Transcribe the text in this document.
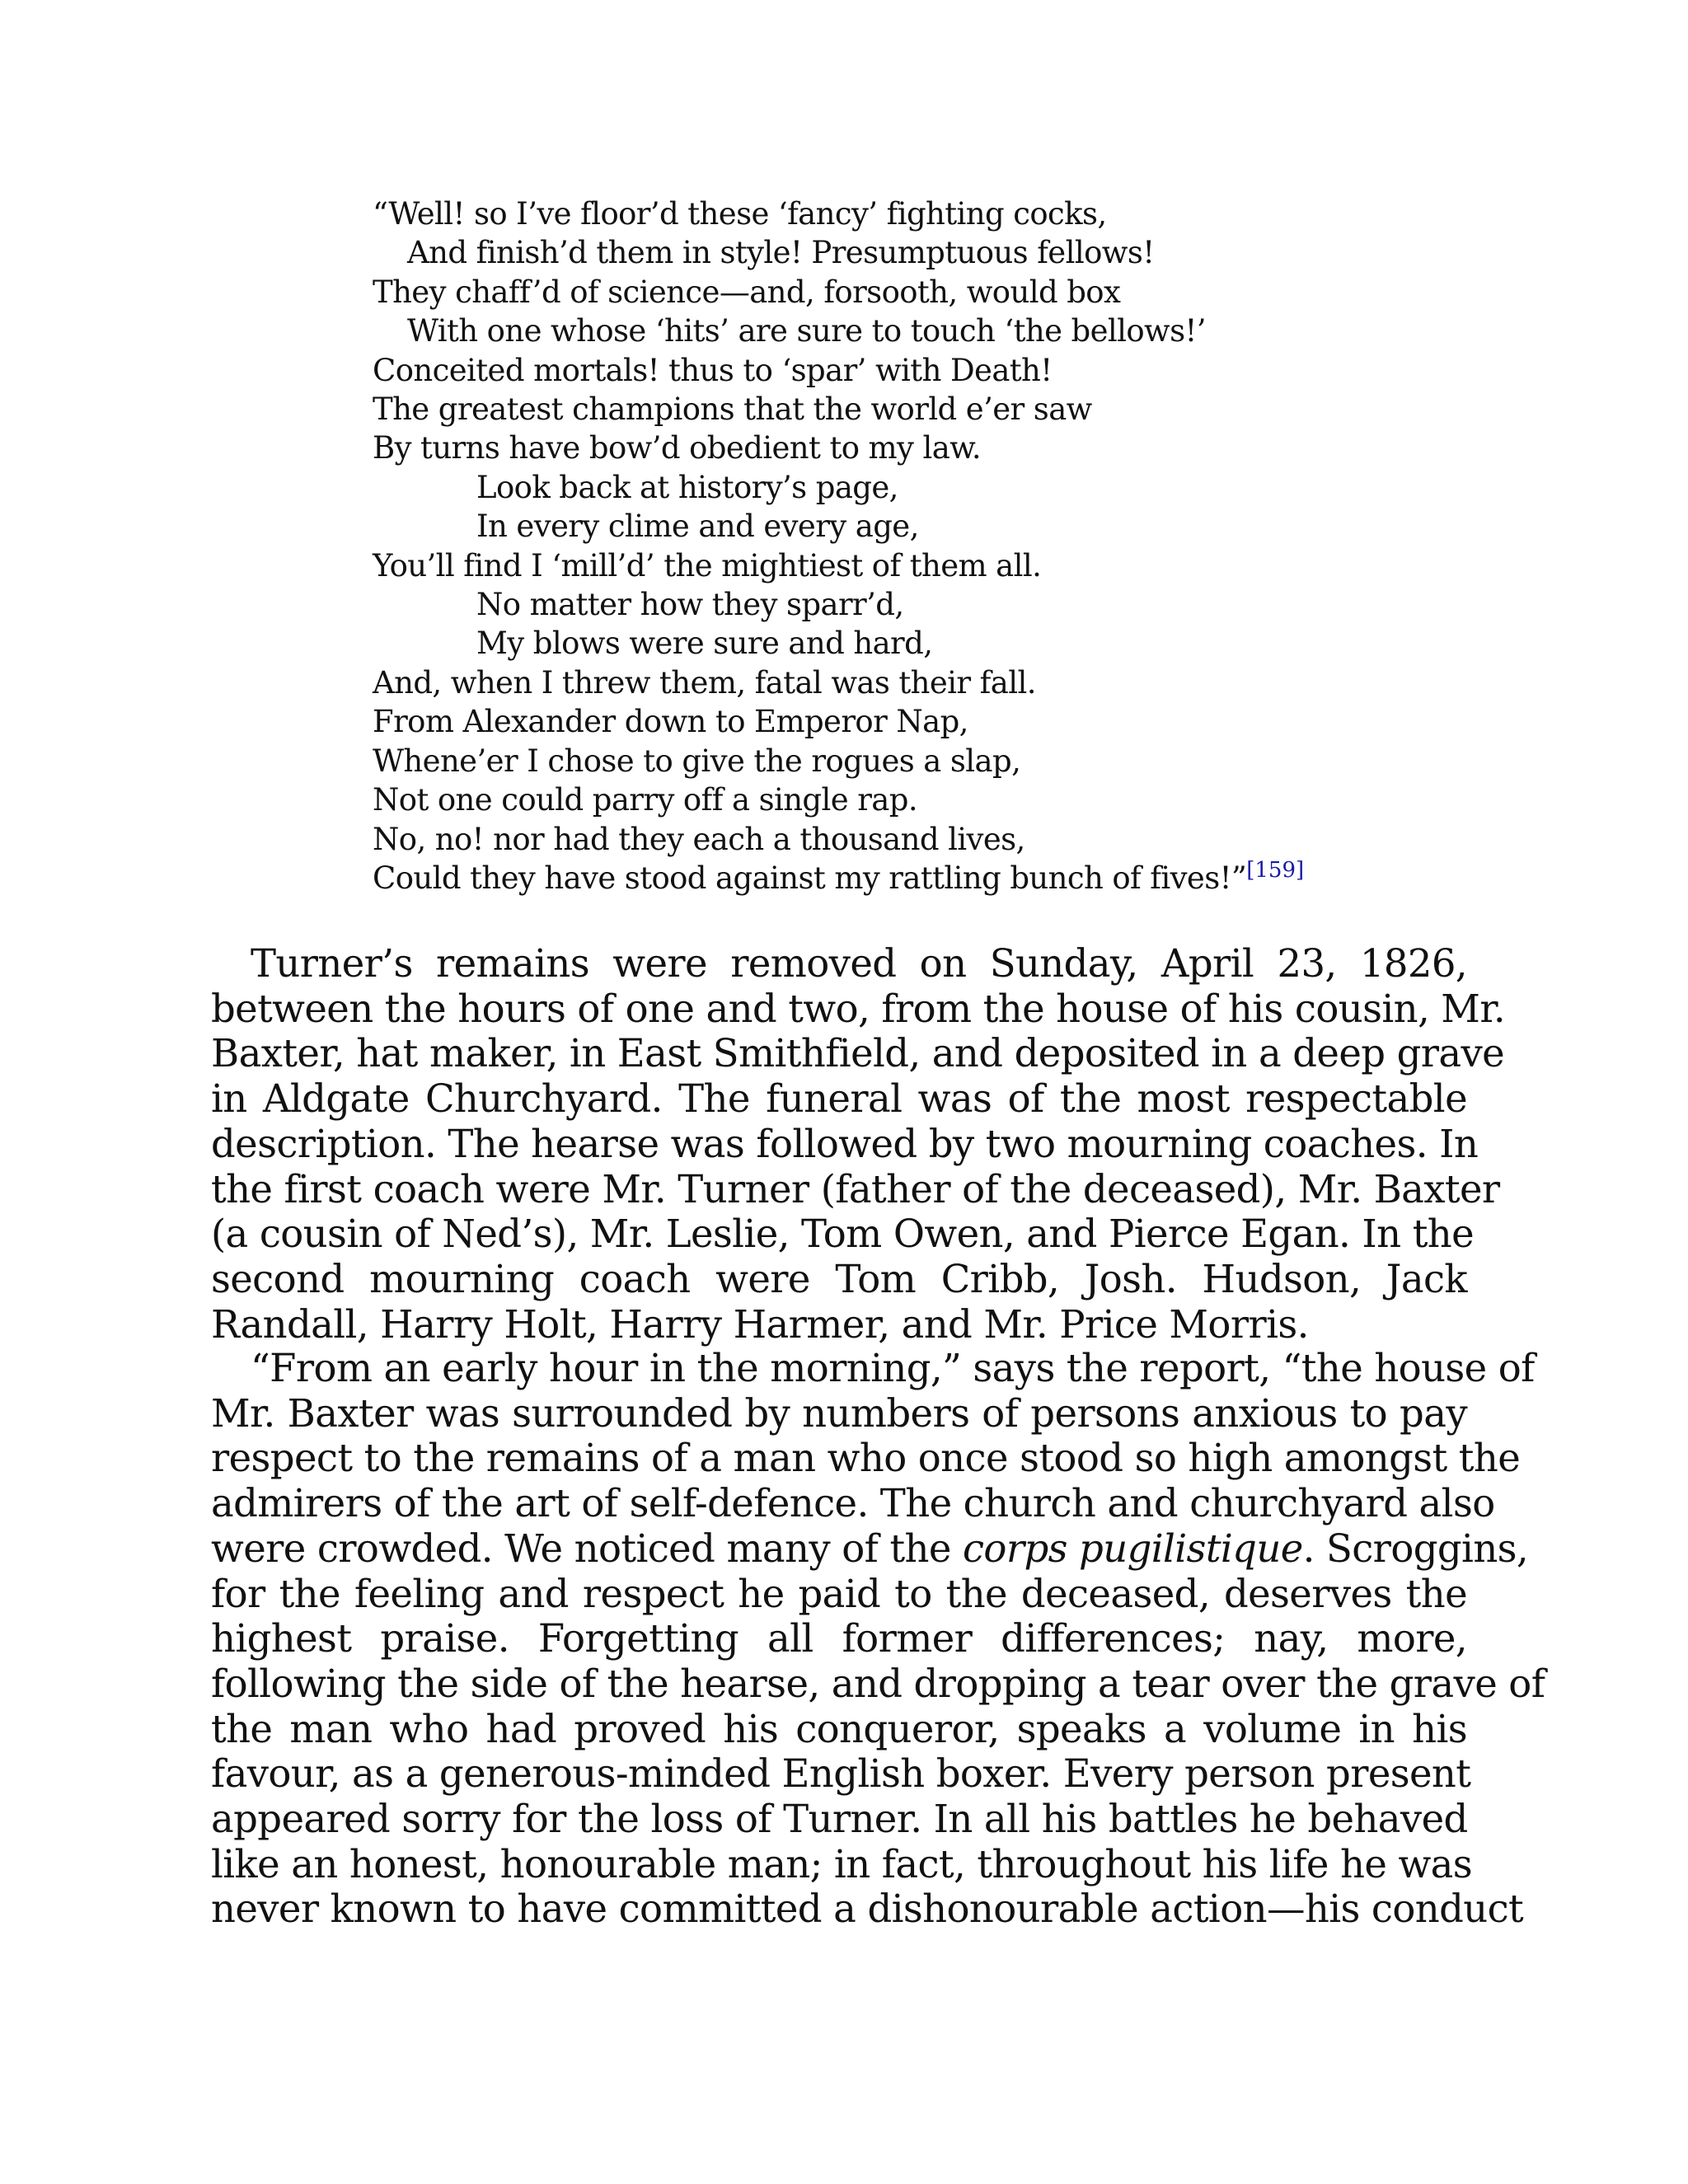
“Well! so I’ve floor’d these ‘fancy’ fighting cocks,
And finish’d them in style! Presumptuous fellows!
They chaff’d of science—and, forsooth, would box
With one whose ‘hits’ are sure to touch ‘the bellows!’
Conceited mortals! thus to ‘spar’ with Death!
The greatest champions that the world e’er saw
By turns have bow’d obedient to my law.
Look back at history’s page,
In every clime and every age,
You’ll find I ‘mill’d’ the mightiest of them all.
No matter how they sparr’d,
My blows were sure and hard,
And, when I threw them, fatal was their fall.
From Alexander down to Emperor Nap,
Whene’er I chose to give the rogues a slap,
Not one could parry off a single rap.
No, no! nor had they each a thousand lives,
Could they have stood against my rattling bunch of fives!”[159]
Turner’s remains were removed on Sunday, April 23, 1826,
between the hours of one and two, from the house of his cousin, Mr.
Baxter, hat maker, in East Smithfield, and deposited in a deep grave
in Aldgate Churchyard. The funeral was of the most respectable
description. The hearse was followed by two mourning coaches. In
the first coach were Mr. Turner (father of the deceased), Mr. Baxter
(a cousin of Ned’s), Mr. Leslie, Tom Owen, and Pierce Egan. In the
second mourning coach were Tom Cribb, Josh. Hudson, Jack
Randall, Harry Holt, Harry Harmer, and Mr. Price Morris.
“From an early hour in the morning,” says the report, “the house of
Mr. Baxter was surrounded by numbers of persons anxious to pay
respect to the remains of a man who once stood so high amongst the
admirers of the art of self-defence. The church and churchyard also
were crowded. We noticed many of the corps pugilistique. Scroggins,
for the feeling and respect he paid to the deceased, deserves the
highest praise. Forgetting all former differences; nay, more,
following the side of the hearse, and dropping a tear over the grave of
the man who had proved his conqueror, speaks a volume in his
favour, as a generous-minded English boxer. Every person present
appeared sorry for the loss of Turner. In all his battles he behaved
like an honest, honourable man; in fact, throughout his life he was
never known to have committed a dishonourable action—his conduct
